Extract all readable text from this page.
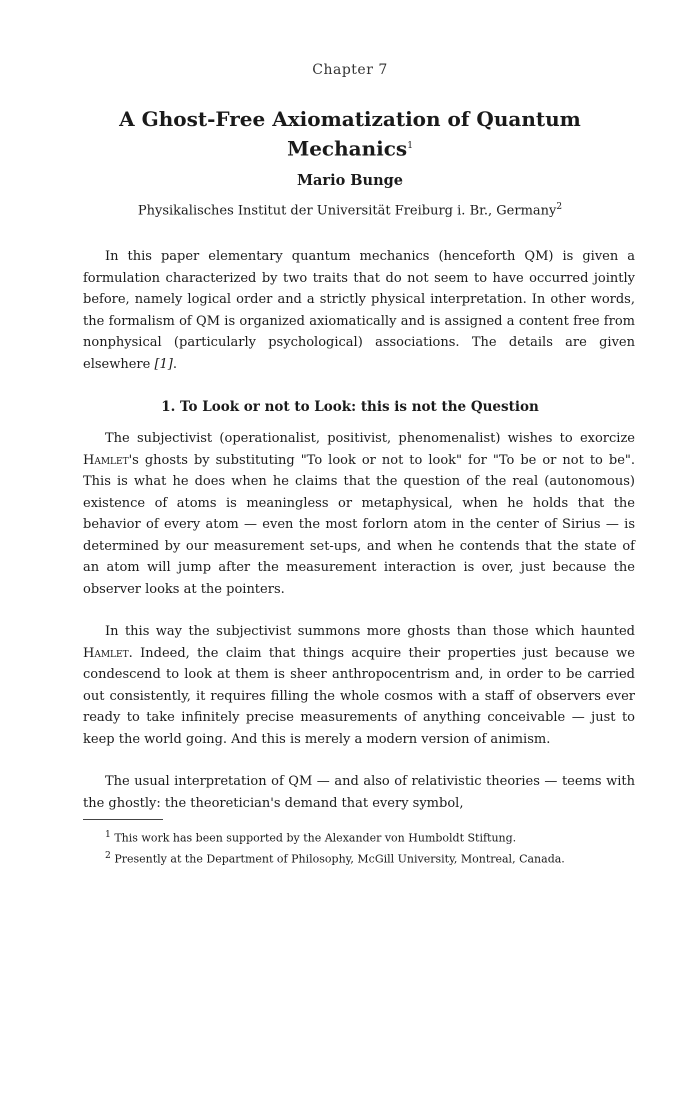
Chapter 7
A Ghost-Free Axiomatization of Quantum Mechanics$^1$
Mario Bunge
Physikalisches Institut der Universität Freiburg i. Br., Germany$^2$

In this paper elementary quantum mechanics (henceforth QM) is given a formulation characterized by two traits that do not seem to have occurred jointly before, namely logical order and a strictly physical interpretation. In other words, the formalism of QM is organized axiomatically and is assigned a content free from nonphysical (particularly psychological) associations. The details are given elsewhere [1].

1. To Look or not to Look: this is not the Question

The subjectivist (operationalist, positivist, phenomenalist) wishes to exorcize Hamlet's ghosts by substituting "To look or not to look" for "To be or not to be". This is what he does when he claims that the question of the real (autonomous) existence of atoms is meaningless or metaphysical, when he holds that the behavior of every atom — even the most forlorn atom in the center of Sirius — is determined by our measurement set-ups, and when he contends that the state of an atom will jump after the measurement interaction is over, just because the observer looks at the pointers.

In this way the subjectivist summons more ghosts than those which haunted Hamlet. Indeed, the claim that things acquire their properties just because we condescend to look at them is sheer anthropocentrism and, in order to be carried out consistently, it requires filling the whole cosmos with a staff of observers ever ready to take infinitely precise measurements of anything conceivable — just to keep the world going. And this is merely a modern version of animism.

The usual interpretation of QM — and also of relativistic theories — teems with the ghostly: the theoretician's demand that every symbol,

$^1$ This work has been supported by the Alexander von Humboldt Stiftung.

$^2$ Presently at the Department of Philosophy, McGill University, Montreal, Canada.
